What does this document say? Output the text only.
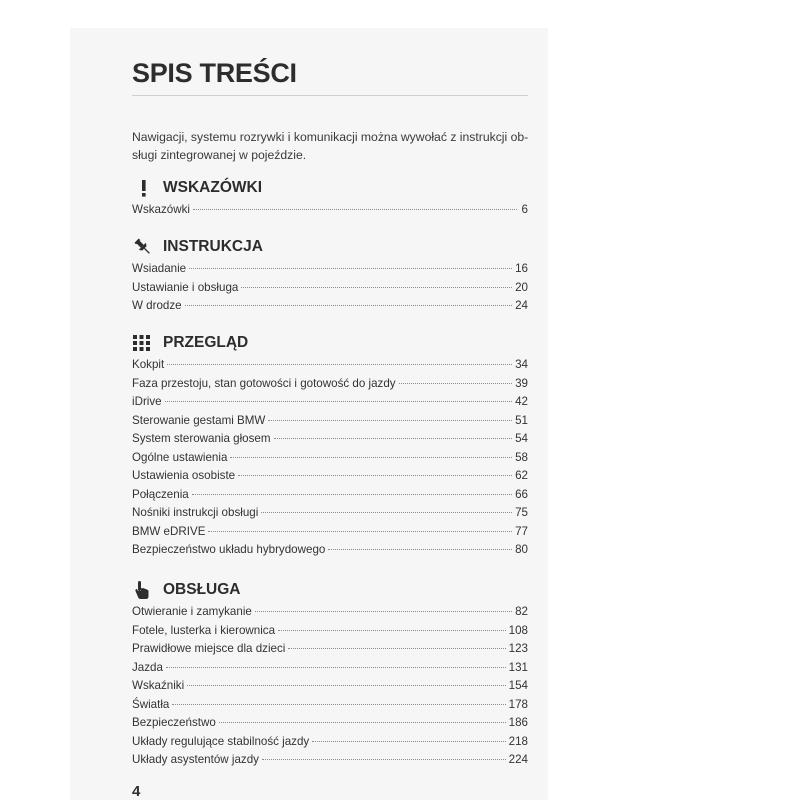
SPIS TREŚCI
Nawigacji, systemu rozrywki i komunikacji można wywołać z instrukcji ob-
sługi zintegrowanej w pojeździe.
WSKAZÓWKI
Wskazówki	6
INSTRUKCJA
Wsiadanie	16
Ustawianie i obsługa	20
W drodze	24
PRZEGLĄD
Kokpit	34
Faza przestoju, stan gotowości i gotowość do jazdy	39
iDrive	42
Sterowanie gestami BMW	51
System sterowania głosem	54
Ogólne ustawienia	58
Ustawienia osobiste	62
Połączenia	66
Nośniki instrukcji obsługi	75
BMW eDRIVE	77
Bezpieczeństwo układu hybrydowego	80
OBSŁUGA
Otwieranie i zamykanie	82
Fotele, lusterka i kierownica	108
Prawidłowe miejsce dla dzieci	123
Jazda	131
Wskaźniki	154
Światła	178
Bezpieczeństwo	186
Układy regulujące stabilność jazdy	218
Układy asystentów jazdy	224
4
